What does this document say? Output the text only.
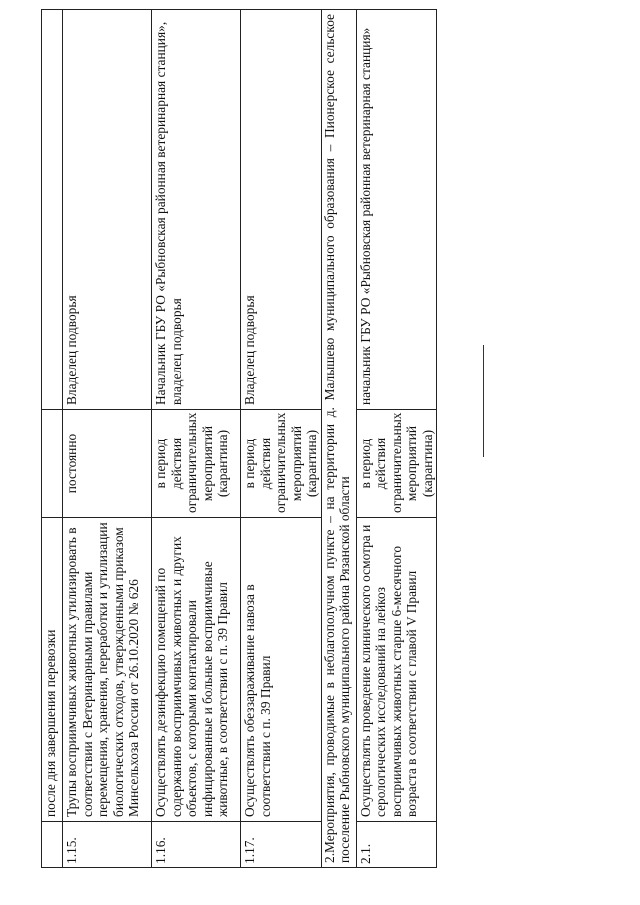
	после дня завершения перевозки		
1.15.	Трупы восприимчивых животных утилизировать в соответствии с Ветеринарными правилами перемещения, хранения, переработки и утилизации биологических отходов, утвержденными приказом Минсельхоза России от 26.10.2020 № 626	постоянно	Владелец подворья
1.16.	Осуществлять дезинфекцию помещений по содержанию восприимчивых животных и других объектов, с которыми контактировали инфицированные и больные восприимчивые животные, в соответствии с п. 39 Правил	в период действия ограничительных мероприятий (карантина)	Начальник ГБУ РО «Рыбновская районная ветеринарная станция», владелец подворья
1.17.	Осуществлять обеззараживание навоза в соответствии с п. 39 Правил	в период действия ограничительных мероприятий (карантина)	Владелец подворья
2.Мероприятия, проводимые в неблагополучном пункте – на территории д. Малышево муниципального образования – Пионерское сельское поселение Рыбновского муниципального района Рязанской области			
2.1.	Осуществлять проведение клинического осмотра и серологических исследований на лейкоз восприимчивых животных старше 6-месячного возраста в соответствии с главой V Правил	в период действия ограничительных мероприятий (карантина)	начальник ГБУ РО «Рыбновская районная ветеринарная станция»
